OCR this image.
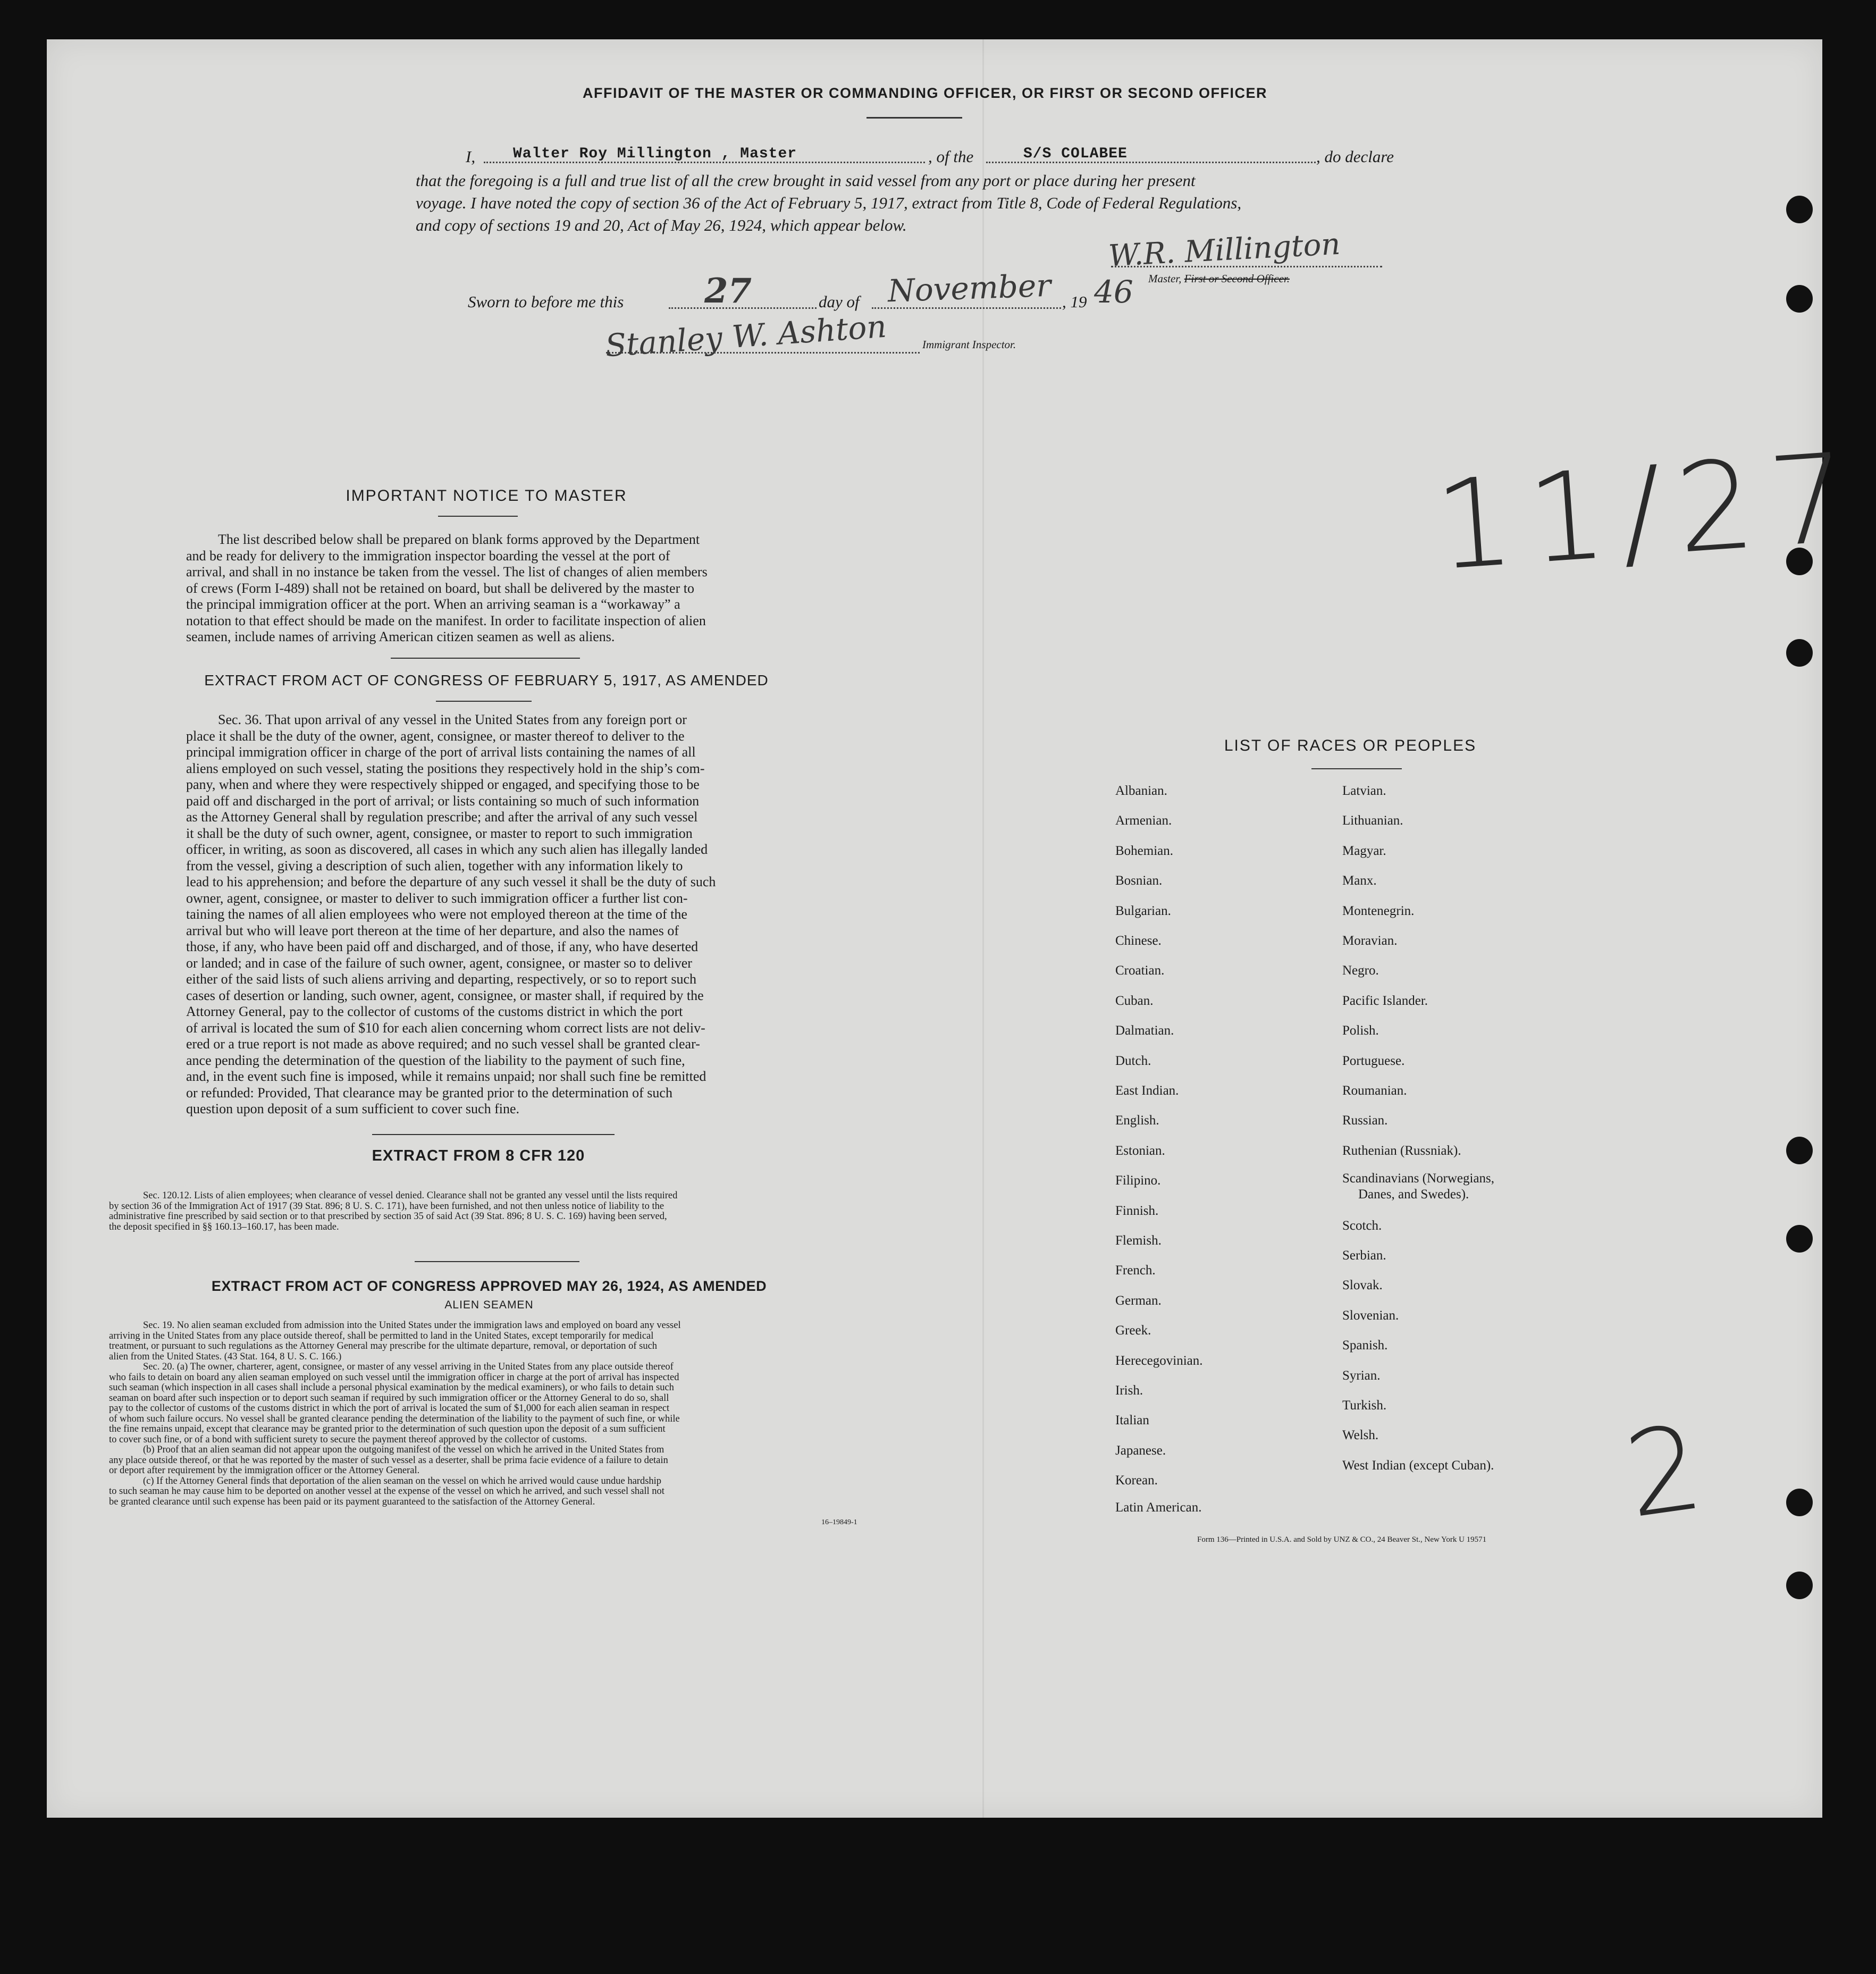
AFFIDAVIT OF THE MASTER OR COMMANDING OFFICER, OR FIRST OR SECOND OFFICER
I,	Walter Roy Millington , Master	, of the	S/S COLABEE	, do declare
that the foregoing is a full and true list of all the crew brought in said vessel from any port or place during her present
voyage. I have noted the copy of section 36 of the Act of February 5, 1917, extract from Title 8, Code of Federal Regulations,
and copy of sections 19 and 20, Act of May 26, 1924, which appear below.
W.R. Millington
Master, First or Second Officer.
Sworn to before me this 27	day of November , 19 46
Stanley W. Ashton	Immigrant Inspector.
IMPORTANT NOTICE TO MASTER
The list described below shall be prepared on blank forms approved by the Department
and be ready for delivery to the immigration inspector boarding the vessel at the port of
arrival, and shall in no instance be taken from the vessel. The list of changes of alien members
of crews (Form I-489) shall not be retained on board, but shall be delivered by the master to
the principal immigration officer at the port. When an arriving seaman is a “workaway” a
notation to that effect should be made on the manifest. In order to facilitate inspection of alien
seamen, include names of arriving American citizen seamen as well as aliens.
EXTRACT FROM ACT OF CONGRESS OF FEBRUARY 5, 1917, AS AMENDED
Sec. 36. That upon arrival of any vessel in the United States from any foreign port or
place it shall be the duty of the owner, agent, consignee, or master thereof to deliver to the
principal immigration officer in charge of the port of arrival lists containing the names of all
aliens employed on such vessel, stating the positions they respectively hold in the ship’s com-
pany, when and where they were respectively shipped or engaged, and specifying those to be
paid off and discharged in the port of arrival; or lists containing so much of such information
as the Attorney General shall by regulation prescribe; and after the arrival of any such vessel
it shall be the duty of such owner, agent, consignee, or master to report to such immigration
officer, in writing, as soon as discovered, all cases in which any such alien has illegally landed
from the vessel, giving a description of such alien, together with any information likely to
lead to his apprehension; and before the departure of any such vessel it shall be the duty of such
owner, agent, consignee, or master to deliver to such immigration officer a further list con-
taining the names of all alien employees who were not employed thereon at the time of the
arrival but who will leave port thereon at the time of her departure, and also the names of
those, if any, who have been paid off and discharged, and of those, if any, who have deserted
or landed; and in case of the failure of such owner, agent, consignee, or master so to deliver
either of the said lists of such aliens arriving and departing, respectively, or so to report such
cases of desertion or landing, such owner, agent, consignee, or master shall, if required by the
Attorney General, pay to the collector of customs of the customs district in which the port
of arrival is located the sum of $10 for each alien concerning whom correct lists are not deliv-
ered or a true report is not made as above required; and no such vessel shall be granted clear-
ance pending the determination of the question of the liability to the payment of such fine,
and, in the event such fine is imposed, while it remains unpaid; nor shall such fine be remitted
or refunded: Provided, That clearance may be granted prior to the determination of such
question upon deposit of a sum sufficient to cover such fine.
EXTRACT FROM 8 CFR 120
Sec. 120.12. Lists of alien employees; when clearance of vessel denied. Clearance shall not be granted any vessel until the lists required
by section 36 of the Immigration Act of 1917 (39 Stat. 896; 8 U. S. C. 171), have been furnished, and not then unless notice of liability to the
administrative fine prescribed by said section or to that prescribed by section 35 of said Act (39 Stat. 896; 8 U. S. C. 169) having been served,
the deposit specified in §§ 160.13–160.17, has been made.
EXTRACT FROM ACT OF CONGRESS APPROVED MAY 26, 1924, AS AMENDED
ALIEN SEAMEN
Sec. 19. No alien seaman excluded from admission into the United States under the immigration laws and employed on board any vessel
arriving in the United States from any place outside thereof, shall be permitted to land in the United States, except temporarily for medical
treatment, or pursuant to such regulations as the Attorney General may prescribe for the ultimate departure, removal, or deportation of such
alien from the United States. (43 Stat. 164, 8 U. S. C. 166.)
Sec. 20. (a) The owner, charterer, agent, consignee, or master of any vessel arriving in the United States from any place outside thereof
who fails to detain on board any alien seaman employed on such vessel until the immigration officer in charge at the port of arrival has inspected
such seaman (which inspection in all cases shall include a personal physical examination by the medical examiners), or who fails to detain such
seaman on board after such inspection or to deport such seaman if required by such immigration officer or the Attorney General to do so, shall
pay to the collector of customs of the customs district in which the port of arrival is located the sum of $1,000 for each alien seaman in respect
of whom such failure occurs. No vessel shall be granted clearance pending the determination of the liability to the payment of such fine, or while
the fine remains unpaid, except that clearance may be granted prior to the determination of such question upon the deposit of a sum sufficient
to cover such fine, or of a bond with sufficient surety to secure the payment thereof approved by the collector of customs.
(b) Proof that an alien seaman did not appear upon the outgoing manifest of the vessel on which he arrived in the United States from
any place outside thereof, or that he was reported by the master of such vessel as a deserter, shall be prima facie evidence of a failure to detain
or deport after requirement by the immigration officer or the Attorney General.
(c) If the Attorney General finds that deportation of the alien seaman on the vessel on which he arrived would cause undue hardship
to such seaman he may cause him to be deported on another vessel at the expense of the vessel on which he arrived, and such vessel shall not
be granted clearance until such expense has been paid or its payment guaranteed to the satisfaction of the Attorney General.
16–19849-1
LIST OF RACES OR PEOPLES
Albanian.
Armenian.
Bohemian.
Bosnian.
Bulgarian.
Chinese.
Croatian.
Cuban.
Dalmatian.
Dutch.
East Indian.
English.
Estonian.
Filipino.
Finnish.
Flemish.
French.
German.
Greek.
Herecegovinian.
Irish.
Italian
Japanese.
Korean.
Latin American.
Latvian.
Lithuanian.
Magyar.
Manx.
Montenegrin.
Moravian.
Negro.
Pacific Islander.
Polish.
Portuguese.
Roumanian.
Russian.
Ruthenian (Russniak).
Scandinavians (Norwegians,
Danes, and Swedes).
Scotch.
Serbian.
Slovak.
Slovenian.
Spanish.
Syrian.
Turkish.
Welsh.
West Indian (except Cuban).
Form 136—Printed in U.S.A. and Sold by UNZ & CO., 24 Beaver St., New York U 19571
11/27
2
